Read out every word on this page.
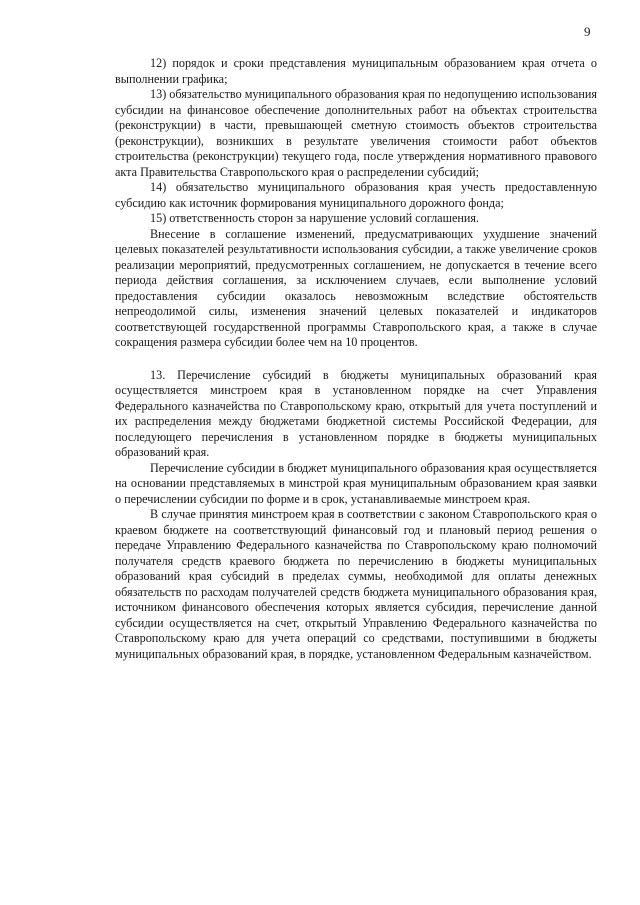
9

12) порядок и сроки представления муниципальным образованием края отчета о выполнении графика;

13) обязательство муниципального образования края по недопущению использования субсидии на финансовое обеспечение дополнительных работ на объектах строительства (реконструкции) в части, превышающей сметную стоимость объектов строительства (реконструкции), возникших в результате увеличения стоимости работ объектов строительства (реконструкции) текущего года, после утверждения нормативного правового акта Правительства Ставропольского края о распределении субсидий;

14) обязательство муниципального образования края учесть предоставленную субсидию как источник формирования муниципального дорожного фонда;

15) ответственность сторон за нарушение условий соглашения.

Внесение в соглашение изменений, предусматривающих ухудшение значений целевых показателей результативности использования субсидии, а также увеличение сроков реализации мероприятий, предусмотренных соглашением, не допускается в течение всего периода действия соглашения, за исключением случаев, если выполнение условий предоставления субсидии оказалось невозможным вследствие обстоятельств непреодолимой силы, изменения значений целевых показателей и индикаторов соответствующей государственной программы Ставропольского края, а также в случае сокращения размера субсидии более чем на 10 процентов.

13. Перечисление субсидий в бюджеты муниципальных образований края осуществляется минстроем края в установленном порядке на счет Управления Федерального казначейства по Ставропольскому краю, открытый для учета поступлений и их распределения между бюджетами бюджетной системы Российской Федерации, для последующего перечисления в установленном порядке в бюджеты муниципальных образований края.

Перечисление субсидии в бюджет муниципального образования края осуществляется на основании представляемых в минстрой края муниципальным образованием края заявки о перечислении субсидии по форме и в срок, устанавливаемые минстроем края.

В случае принятия минстроем края в соответствии с законом Ставропольского края о краевом бюджете на соответствующий финансовый год и плановый период решения о передаче Управлению Федерального казначейства по Ставропольскому краю полномочий получателя средств краевого бюджета по перечислению в бюджеты муниципальных образований края субсидий в пределах суммы, необходимой для оплаты денежных обязательств по расходам получателей средств бюджета муниципального образования края, источником финансового обеспечения которых является субсидия, перечисление данной субсидии осуществляется на счет, открытый Управлению Федерального казначейства по Ставропольскому краю для учета операций со средствами, поступившими в бюджеты муниципальных образований края, в порядке, установленном Федеральным казначейством.
